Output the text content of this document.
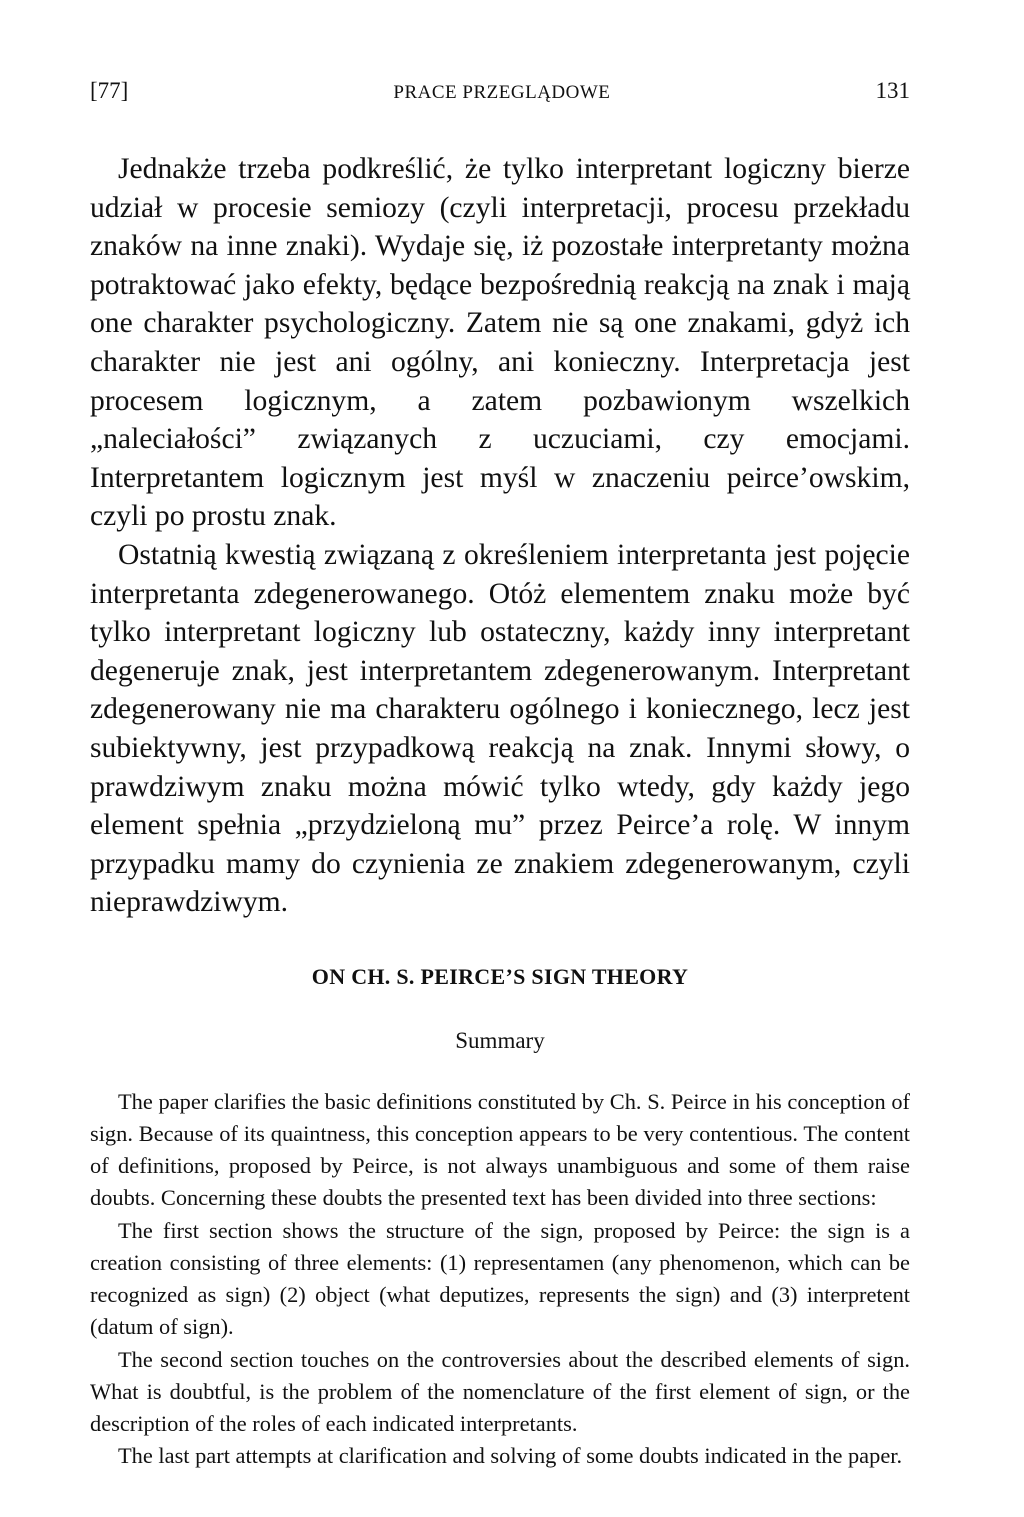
[77]	PRACE PRZEGLĄDOWE	131

Jednakże trzeba podkreślić, że tylko interpretant logiczny bierze udział w procesie semiozy (czyli interpretacji, procesu przekładu znaków na inne znaki). Wydaje się, iż pozostałe interpretanty można potraktować jako efekty, będące bezpośrednią reakcją na znak i mają one charakter psychologiczny. Zatem nie są one znakami, gdyż ich charakter nie jest ani ogólny, ani konieczny. Interpretacja jest procesem logicznym, a zatem pozbawionym wszelkich „naleciałości” związanych z uczuciami, czy emocjami. Interpretantem logicznym jest myśl w znaczeniu peirce’owskim, czyli po prostu znak.

Ostatnią kwestią związaną z określeniem interpretanta jest pojęcie interpretanta zdegenerowanego. Otóż elementem znaku może być tylko interpretant logiczny lub ostateczny, każdy inny interpretant degeneruje znak, jest interpretantem zdegenerowanym. Interpretant zdegenerowany nie ma charakteru ogólnego i koniecznego, lecz jest subiektywny, jest przypadkową reakcją na znak. Innymi słowy, o prawdziwym znaku można mówić tylko wtedy, gdy każdy jego element spełnia „przydzieloną mu” przez Peirce’a rolę. W innym przypadku mamy do czynienia ze znakiem zdegenerowanym, czyli nieprawdziwym.

ON CH. S. PEIRCE’S SIGN THEORY
Summary

The paper clarifies the basic definitions constituted by Ch. S. Peirce in his conception of sign. Because of its quaintness, this conception appears to be very contentious. The content of definitions, proposed by Peirce, is not always unambiguous and some of them raise doubts. Concerning these doubts the presented text has been divided into three sections:

The first section shows the structure of the sign, proposed by Peirce: the sign is a creation consisting of three elements: (1) representamen (any phenomenon, which can be recognized as sign) (2) object (what deputizes, represents the sign) and (3) interpretent (datum of sign).

The second section touches on the controversies about the described elements of sign. What is doubtful, is the problem of the nomenclature of the first element of sign, or the description of the roles of each indicated interpretants.

The last part attempts at clarification and solving of some doubts indicated in the paper.
